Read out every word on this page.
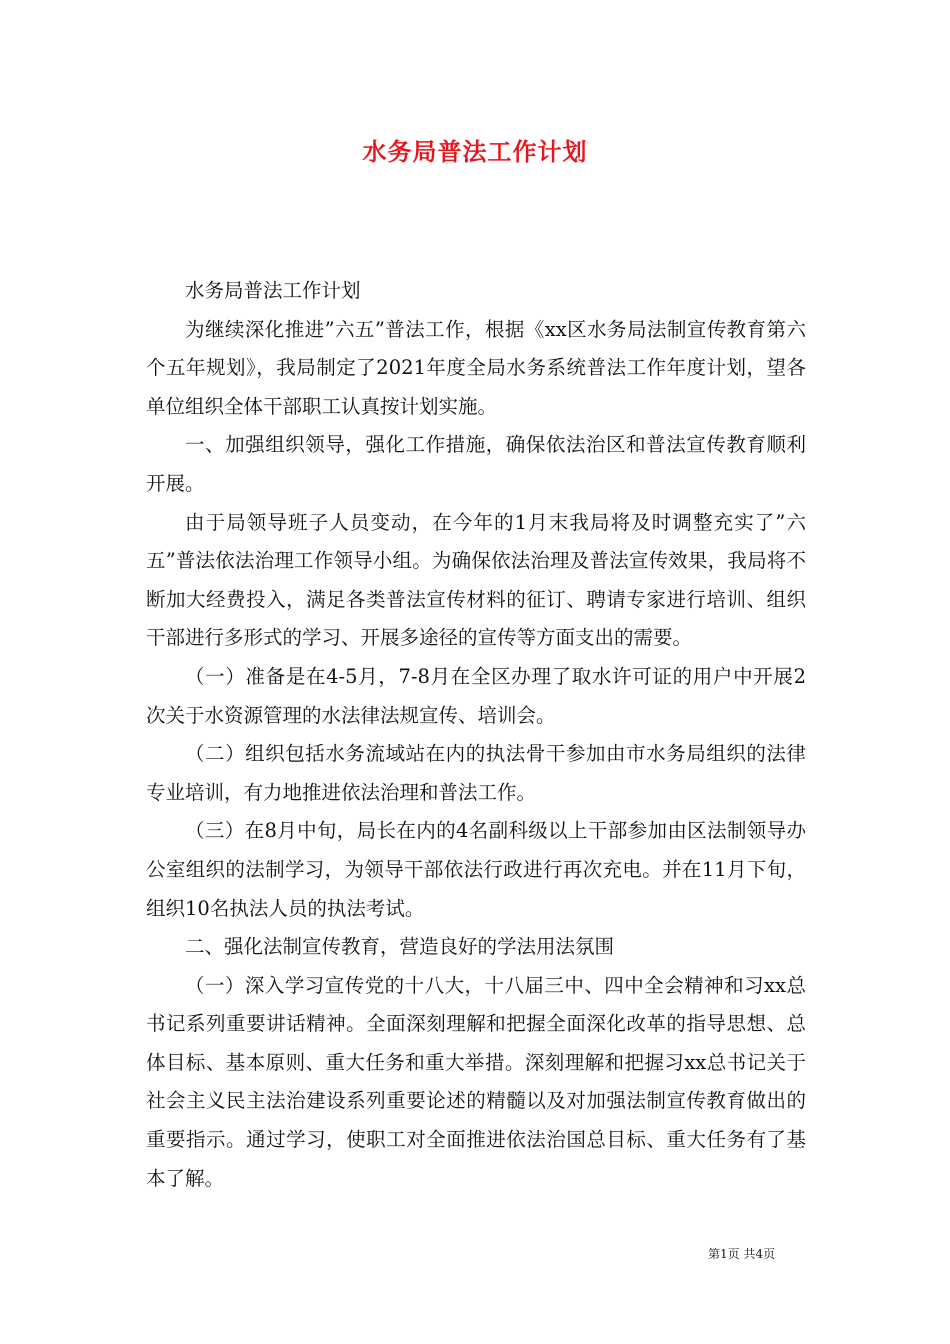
水务局普法工作计划

水务局普法工作计划

为继续深化推进”六五”普法工作，根据《xx区水务局法制宣传教育第六个五年规划》，我局制定了2021年度全局水务系统普法工作年度计划，望各单位组织全体干部职工认真按计划实施。

一、加强组织领导，强化工作措施，确保依法治区和普法宣传教育顺利开展。

由于局领导班子人员变动，在今年的1月末我局将及时调整充实了”六五”普法依法治理工作领导小组。为确保依法治理及普法宣传效果，我局将不断加大经费投入，满足各类普法宣传材料的征订、聘请专家进行培训、组织干部进行多形式的学习、开展多途径的宣传等方面支出的需要。

（一）准备是在4-5月，7-8月在全区办理了取水许可证的用户中开展2次关于水资源管理的水法律法规宣传、培训会。

（二）组织包括水务流域站在内的执法骨干参加由市水务局组织的法律专业培训，有力地推进依法治理和普法工作。

（三）在8月中旬，局长在内的4名副科级以上干部参加由区法制领导办公室组织的法制学习，为领导干部依法行政进行再次充电。并在11月下旬，组织10名执法人员的执法考试。

二、强化法制宣传教育，营造良好的学法用法氛围

（一）深入学习宣传党的十八大，十八届三中、四中全会精神和习xx总书记系列重要讲话精神。全面深刻理解和把握全面深化改革的指导思想、总体目标、基本原则、重大任务和重大举措。深刻理解和把握习xx总书记关于社会主义民主法治建设系列重要论述的精髓以及对加强法制宣传教育做出的重要指示。通过学习，使职工对全面推进依法治国总目标、重大任务有了基本了解。

第1页 共4页
